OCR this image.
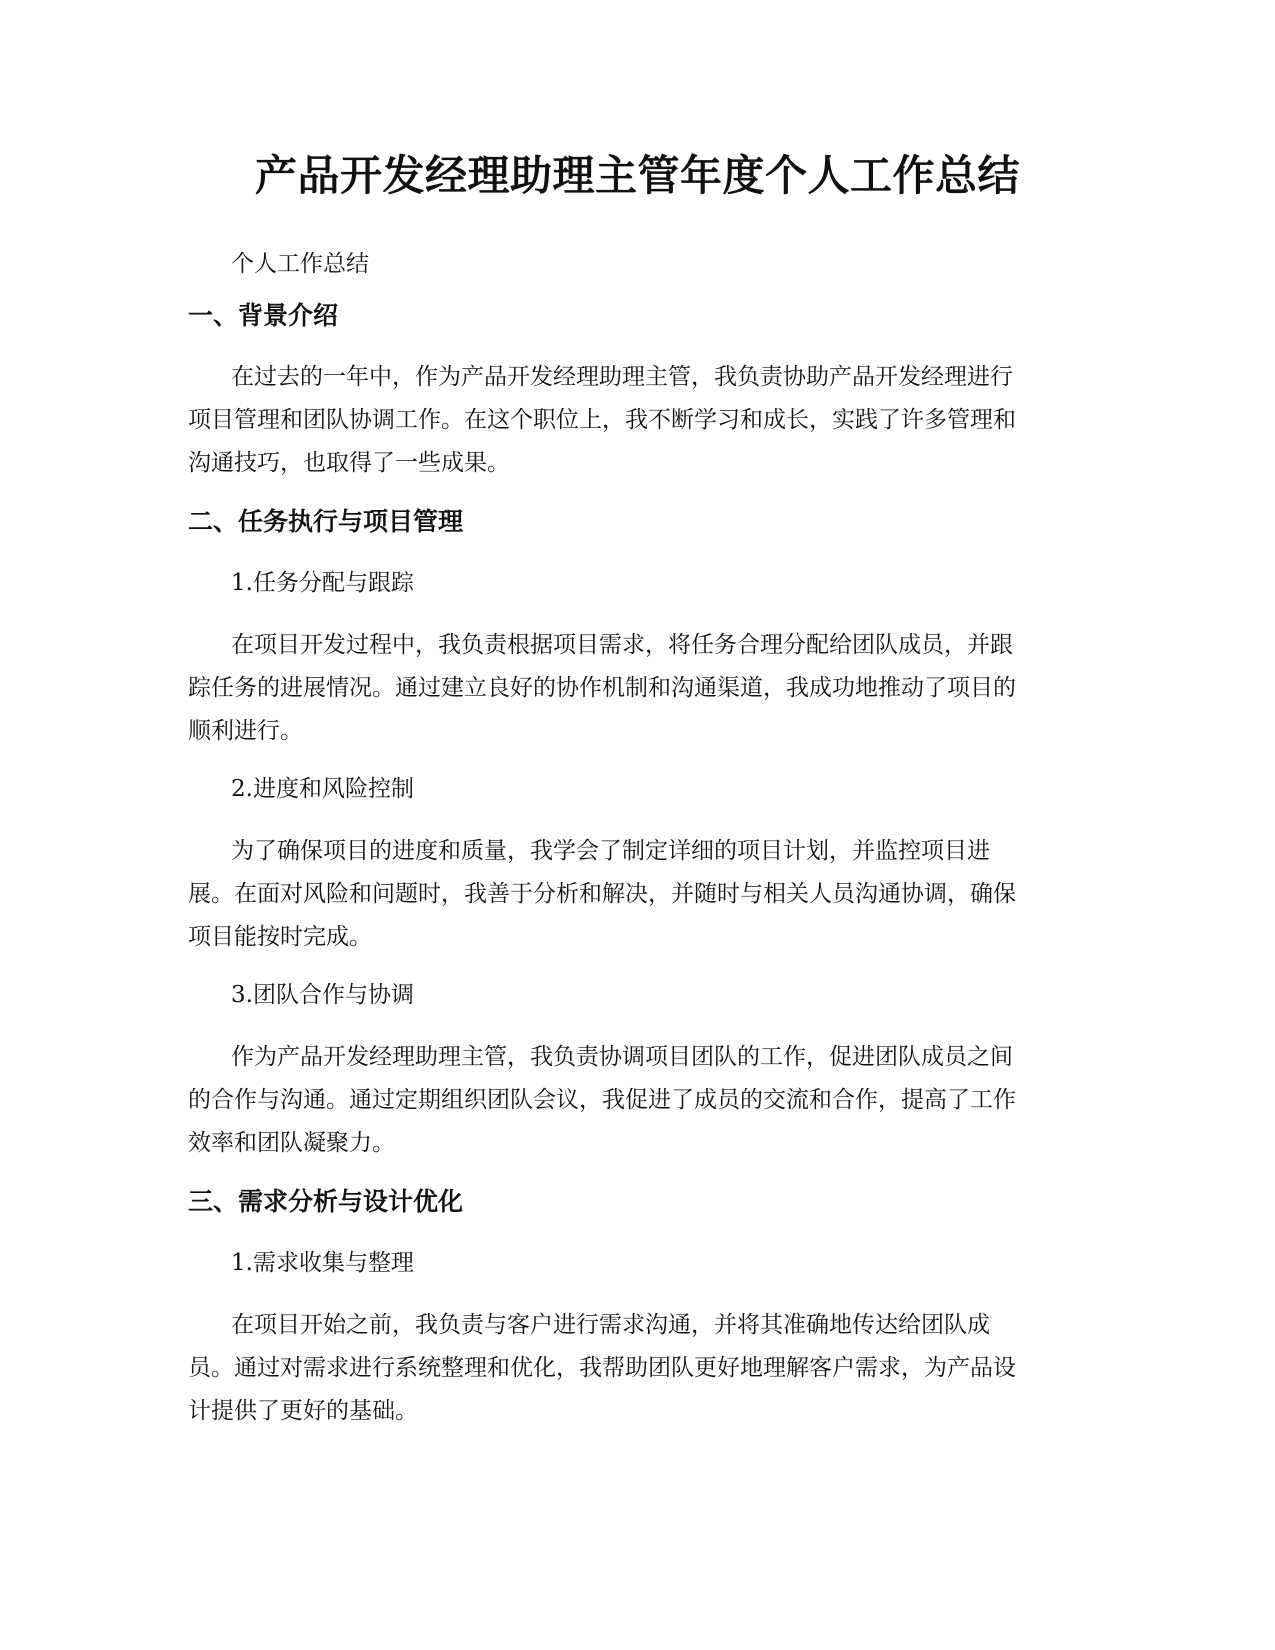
产品开发经理助理主管年度个人工作总结

个人工作总结

一、背景介绍

在过去的一年中，作为产品开发经理助理主管，我负责协助产品开发经理进行
项目管理和团队协调工作。在这个职位上，我不断学习和成长，实践了许多管理和
沟通技巧，也取得了一些成果。

二、任务执行与项目管理

1.任务分配与跟踪

在项目开发过程中，我负责根据项目需求，将任务合理分配给团队成员，并跟
踪任务的进展情况。通过建立良好的协作机制和沟通渠道，我成功地推动了项目的
顺利进行。

2.进度和风险控制

为了确保项目的进度和质量，我学会了制定详细的项目计划，并监控项目进
展。在面对风险和问题时，我善于分析和解决，并随时与相关人员沟通协调，确保
项目能按时完成。

3.团队合作与协调

作为产品开发经理助理主管，我负责协调项目团队的工作，促进团队成员之间
的合作与沟通。通过定期组织团队会议，我促进了成员的交流和合作，提高了工作
效率和团队凝聚力。

三、需求分析与设计优化

1.需求收集与整理

在项目开始之前，我负责与客户进行需求沟通，并将其准确地传达给团队成
员。通过对需求进行系统整理和优化，我帮助团队更好地理解客户需求，为产品设
计提供了更好的基础。
